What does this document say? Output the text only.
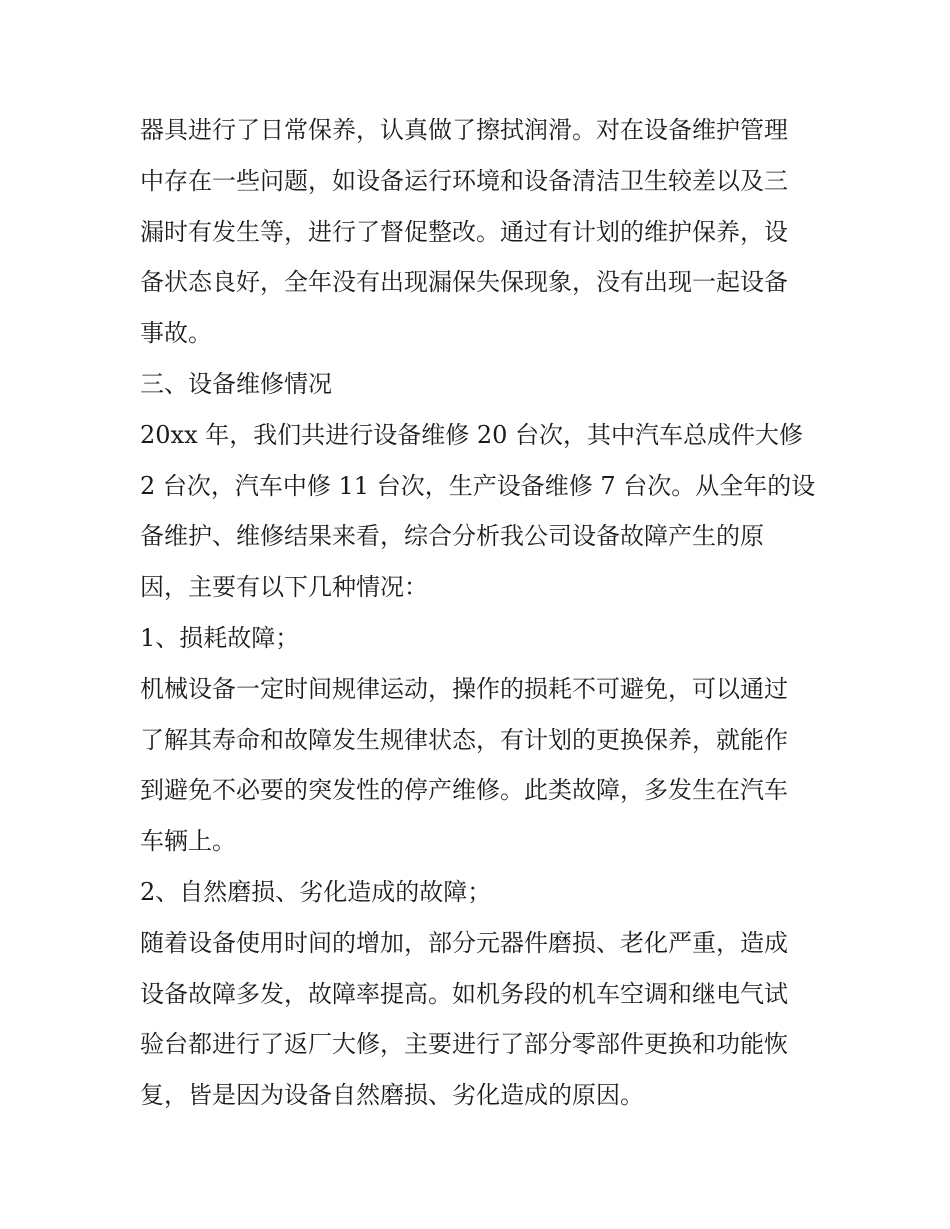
器具进行了日常保养，认真做了擦拭润滑。对在设备维护管理
中存在一些问题，如设备运行环境和设备清洁卫生较差以及三
漏时有发生等，进行了督促整改。通过有计划的维护保养，设
备状态良好，全年没有出现漏保失保现象，没有出现一起设备
事故。
三、设备维修情况
20xx 年，我们共进行设备维修 20 台次，其中汽车总成件大修
2 台次，汽车中修 11 台次，生产设备维修 7 台次。从全年的设
备维护、维修结果来看，综合分析我公司设备故障产生的原
因，主要有以下几种情况：
1、损耗故障；
机械设备一定时间规律运动，操作的损耗不可避免，可以通过
了解其寿命和故障发生规律状态，有计划的更换保养，就能作
到避免不必要的突发性的停产维修。此类故障，多发生在汽车
车辆上。
2、自然磨损、劣化造成的故障；
随着设备使用时间的增加，部分元器件磨损、老化严重，造成
设备故障多发，故障率提高。如机务段的机车空调和继电气试
验台都进行了返厂大修，主要进行了部分零部件更换和功能恢
复，皆是因为设备自然磨损、劣化造成的原因。
